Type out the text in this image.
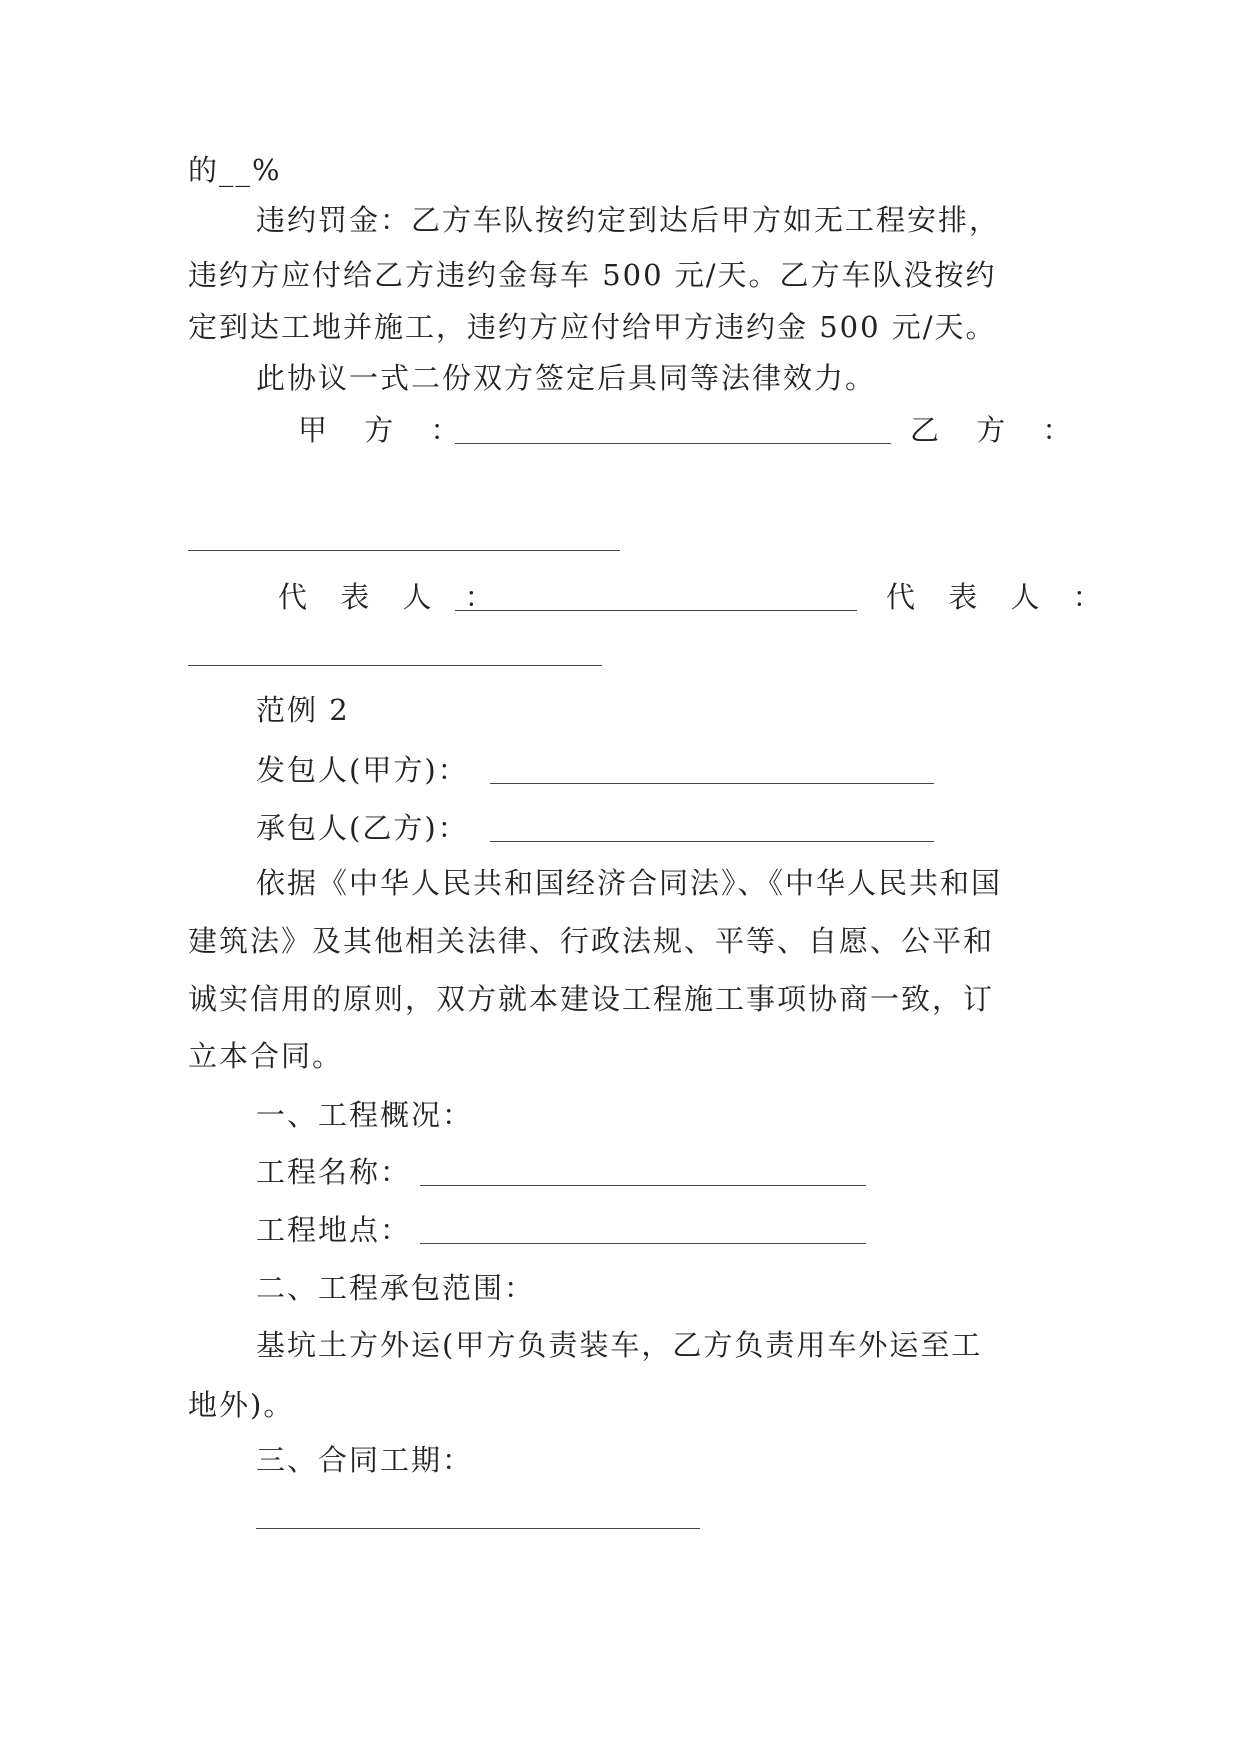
的__%
违约罚金：乙方车队按约定到达后甲方如无工程安排，
违约方应付给乙方违约金每车 500 元/天。乙方车队没按约
定到达工地并施工，违约方应付给甲方违约金 500 元/天。
此协议一式二份双方签定后具同等法律效力。
甲 方 ：	乙 方 ：
代 表 人 ：	代 表 人 ：
范例 2
发包人(甲方)：
承包人(乙方)：
依据《中华人民共和国经济合同法》、《中华人民共和国
建筑法》及其他相关法律、行政法规、平等、自愿、公平和
诚实信用的原则，双方就本建设工程施工事项协商一致，订
立本合同。
一、工程概况：
工程名称：
工程地点：
二、工程承包范围：
基坑土方外运(甲方负责装车，乙方负责用车外运至工
地外)。
三、合同工期：
